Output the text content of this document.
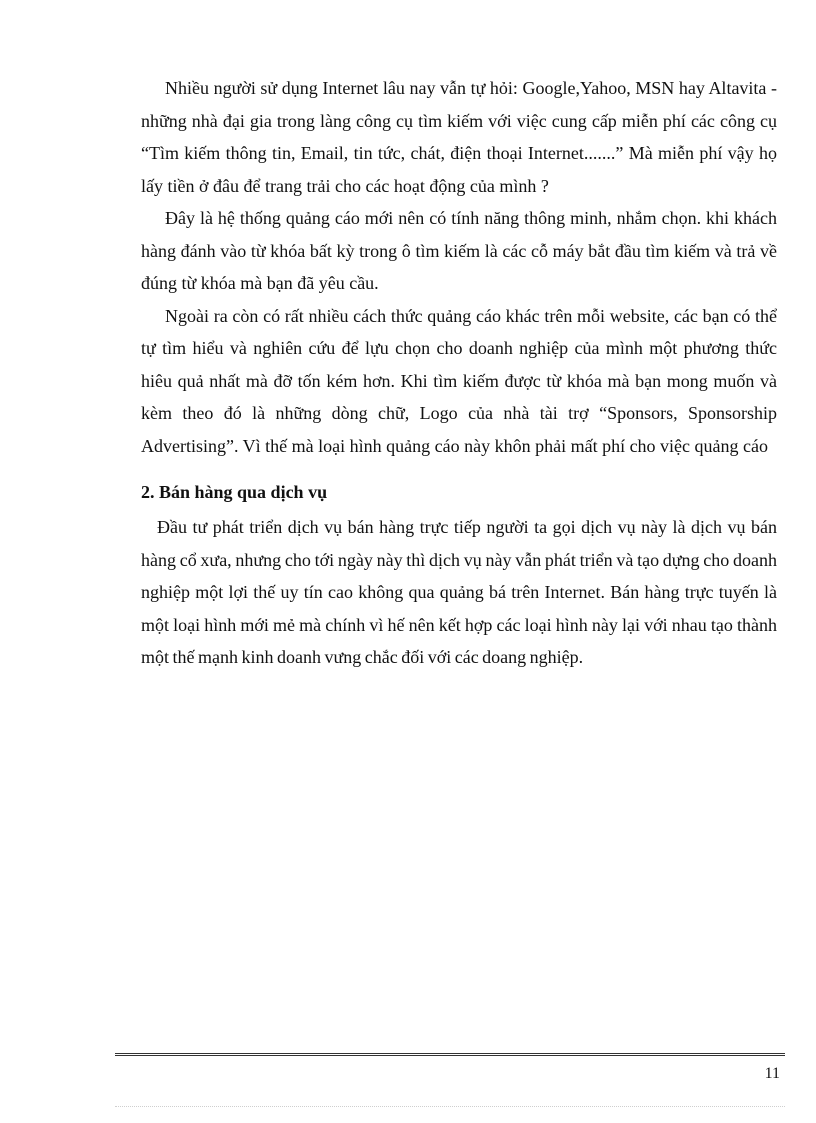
Nhiều người sử dụng Internet lâu nay vẫn tự hỏi: Google,Yahoo, MSN hay Altavita - những nhà đại gia trong làng công cụ tìm kiếm với việc cung cấp miễn phí các công cụ “Tìm kiếm thông tin, Email, tin tức, chát, điện thoại Internet.......” Mà miễn phí vậy họ lấy tiền ở đâu để trang trải cho các hoạt động của mình ?

Đây là hệ thống quảng cáo mới nên có tính năng thông minh, nhắm chọn. khi khách hàng đánh vào từ khóa bất kỳ trong ô tìm kiếm là các cỗ máy bắt đầu tìm kiếm và trả về đúng từ khóa mà bạn đã yêu cầu.

Ngoài ra còn có rất nhiều cách thức quảng cáo khác trên mỗi website, các bạn có thể tự tìm hiểu và nghiên cứu để lựu chọn cho doanh nghiệp của mình một phương thức hiêu quả nhất mà đỡ tốn kém hơn. Khi tìm kiếm được từ khóa mà bạn mong muốn và kèm theo đó là những dòng chữ, Logo của nhà tài trợ “Sponsors, Sponsorship Advertising”. Vì thế mà loại hình quảng cáo này khôn phải mất phí cho việc quảng cáo

2. Bán hàng qua dịch vụ

Đầu tư phát triển dịch vụ bán hàng trực tiếp người ta gọi dịch vụ này là dịch vụ bán hàng cổ xưa, nhưng cho tới ngày này thì dịch vụ này vẫn phát triển và tạo dựng cho doanh nghiệp một lợi thế uy tín cao không qua quảng bá trên Internet. Bán hàng trực tuyến là một loại hình mới mẻ mà chính vì hế nên kết hợp các loại hình này lại với nhau tạo thành một thế mạnh kinh doanh vưng chắc đối với các doang nghiệp.

11
